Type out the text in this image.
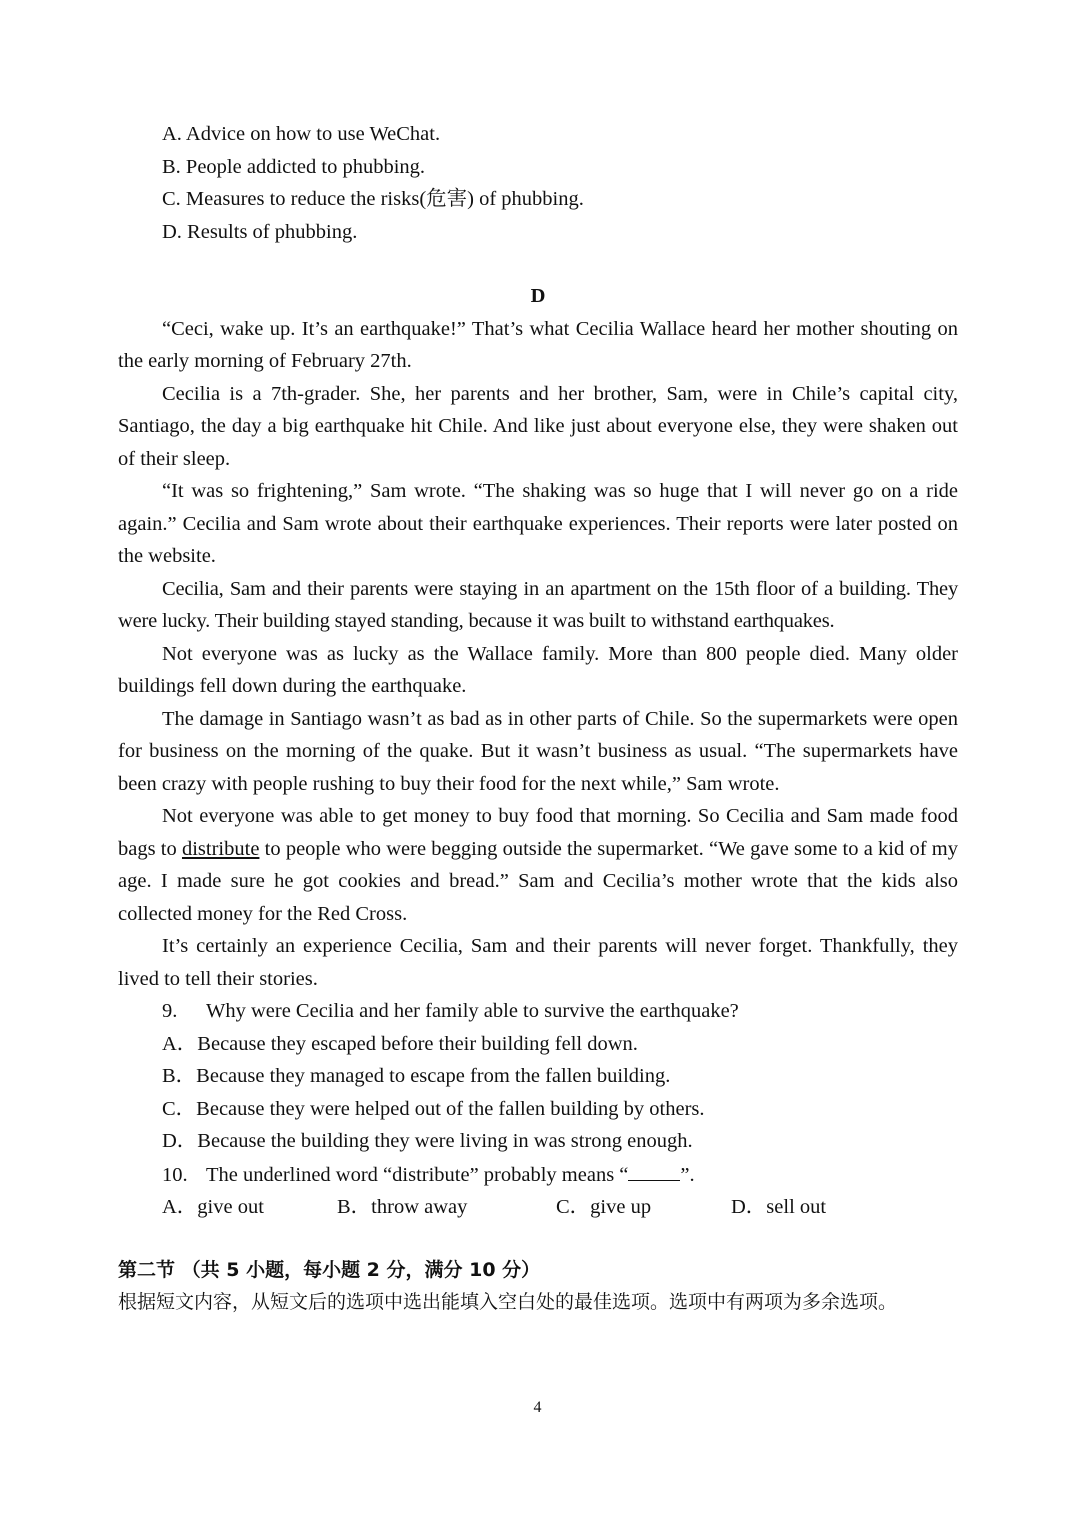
A. Advice on how to use WeChat.
B. People addicted to phubbing.
C. Measures to reduce the risks(危害) of phubbing.
D. Results of phubbing.
D
“Ceci, wake up. It’s an earthquake!” That’s what Cecilia Wallace heard her mother shouting on the early morning of February 27th.
Cecilia is a 7th-grader. She, her parents and her brother, Sam, were in Chile’s capital city, Santiago, the day a big earthquake hit Chile. And like just about everyone else, they were shaken out of their sleep.
“It was so frightening,” Sam wrote. “The shaking was so huge that I will never go on a ride again.” Cecilia and Sam wrote about their earthquake experiences. Their reports were later posted on the website.
Cecilia, Sam and their parents were staying in an apartment on the 15th floor of a building. They were lucky. Their building stayed standing, because it was built to withstand earthquakes.
Not everyone was as lucky as the Wallace family. More than 800 people died. Many older buildings fell down during the earthquake.
The damage in Santiago wasn’t as bad as in other parts of Chile. So the supermarkets were open for business on the morning of the quake. But it wasn’t business as usual. “The supermarkets have been crazy with people rushing to buy their food for the next while,” Sam wrote.
Not everyone was able to get money to buy food that morning. So Cecilia and Sam made food bags to distribute to people who were begging outside the supermarket. “We gave some to a kid of my age. I made sure he got cookies and bread.” Sam and Cecilia’s mother wrote that the kids also collected money for the Red Cross.
It’s certainly an experience Cecilia, Sam and their parents will never forget. Thankfully, they lived to tell their stories.
9. Why were Cecilia and her family able to survive the earthquake?
A．Because they escaped before their building fell down.
B．Because they managed to escape from the fallen building.
C．Because they were helped out of the fallen building by others.
D．Because the building they were living in was strong enough.
10. The underlined word “distribute” probably means “	”.
A．give out	B．throw away	C．give up	D．sell out
第二节 （共 5 小题，每小题 2 分，满分 10 分）
根据短文内容，从短文后的选项中选出能填入空白处的最佳选项。选项中有两项为多余选项。
4
